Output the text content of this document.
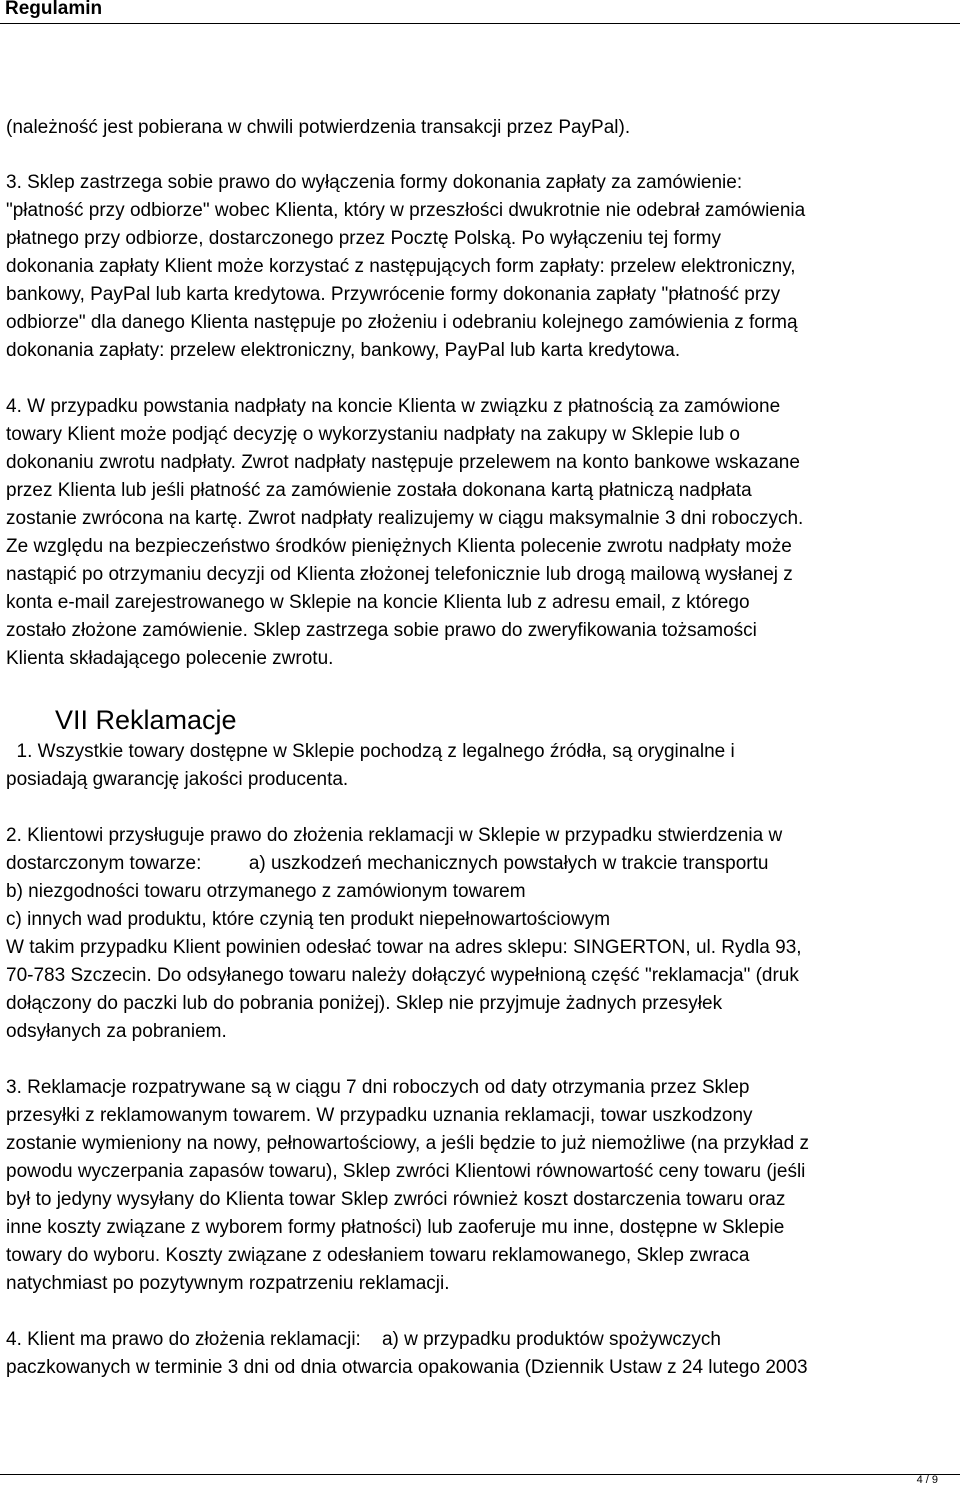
Regulamin
(należność jest pobierana w chwili potwierdzenia transakcji przez PayPal).
3. Sklep zastrzega sobie prawo do wyłączenia formy dokonania zapłaty za zamówienie:
"płatność przy odbiorze" wobec Klienta, który w przeszłości dwukrotnie nie odebrał zamówienia
płatnego przy odbiorze, dostarczonego przez Pocztę Polską. Po wyłączeniu tej formy
dokonania zapłaty Klient może korzystać z następujących form zapłaty: przelew elektroniczny,
bankowy, PayPal lub karta kredytowa. Przywrócenie formy dokonania zapłaty "płatność przy
odbiorze" dla danego Klienta następuje po złożeniu i odebraniu kolejnego zamówienia z formą
dokonania zapłaty: przelew elektroniczny, bankowy, PayPal lub karta kredytowa.
4. W przypadku powstania nadpłaty na koncie Klienta w związku z płatnością za zamówione
towary Klient może podjąć decyzję o wykorzystaniu nadpłaty na zakupy w Sklepie lub o
dokonaniu zwrotu nadpłaty. Zwrot nadpłaty następuje przelewem na konto bankowe wskazane
przez Klienta lub jeśli płatność za zamówienie została dokonana kartą płatniczą nadpłata
zostanie zwrócona na kartę. Zwrot nadpłaty realizujemy w ciągu maksymalnie 3 dni roboczych.
Ze względu na bezpieczeństwo środków pieniężnych Klienta polecenie zwrotu nadpłaty może
nastąpić po otrzymaniu decyzji od Klienta złożonej telefonicznie lub drogą mailową wysłanej z
konta e-mail zarejestrowanego w Sklepie na koncie Klienta lub z adresu email, z którego
zostało złożone zamówienie. Sklep zastrzega sobie prawo do zweryfikowania tożsamości
Klienta składającego polecenie zwrotu.
VII Reklamacje
1. Wszystkie towary dostępne w Sklepie pochodzą z legalnego źródła, są oryginalne i
posiadają gwarancję jakości producenta.
2. Klientowi przysługuje prawo do złożenia reklamacji w Sklepie w przypadku stwierdzenia w
dostarczonym towarze:         a) uszkodzeń mechanicznych powstałych w trakcie transportu
b) niezgodności towaru otrzymanego z zamówionym towarem
c) innych wad produktu, które czynią ten produkt niepełnowartościowym
W takim przypadku Klient powinien odesłać towar na adres sklepu: SINGERTON, ul. Rydla 93,
70-783 Szczecin. Do odsyłanego towaru należy dołączyć wypełnioną część "reklamacja" (druk
dołączony do paczki lub do pobrania poniżej). Sklep nie przyjmuje żadnych przesyłek
odsyłanych za pobraniem.
3. Reklamacje rozpatrywane są w ciągu 7 dni roboczych od daty otrzymania przez Sklep
przesyłki z reklamowanym towarem. W przypadku uznania reklamacji, towar uszkodzony
zostanie wymieniony na nowy, pełnowartościowy, a jeśli będzie to już niemożliwe (na przykład z
powodu wyczerpania zapasów towaru), Sklep zwróci Klientowi równowartość ceny towaru (jeśli
był to jedyny wysyłany do Klienta towar Sklep zwróci również koszt dostarczenia towaru oraz
inne koszty związane z wyborem formy płatności) lub zaoferuje mu inne, dostępne w Sklepie
towary do wyboru. Koszty związane z odesłaniem towaru reklamowanego, Sklep zwraca
natychmiast po pozytywnym rozpatrzeniu reklamacji.
4. Klient ma prawo do złożenia reklamacji:    a) w przypadku produktów spożywczych
paczkowanych w terminie 3 dni od dnia otwarcia opakowania (Dziennik Ustaw z 24 lutego 2003
4 / 9
